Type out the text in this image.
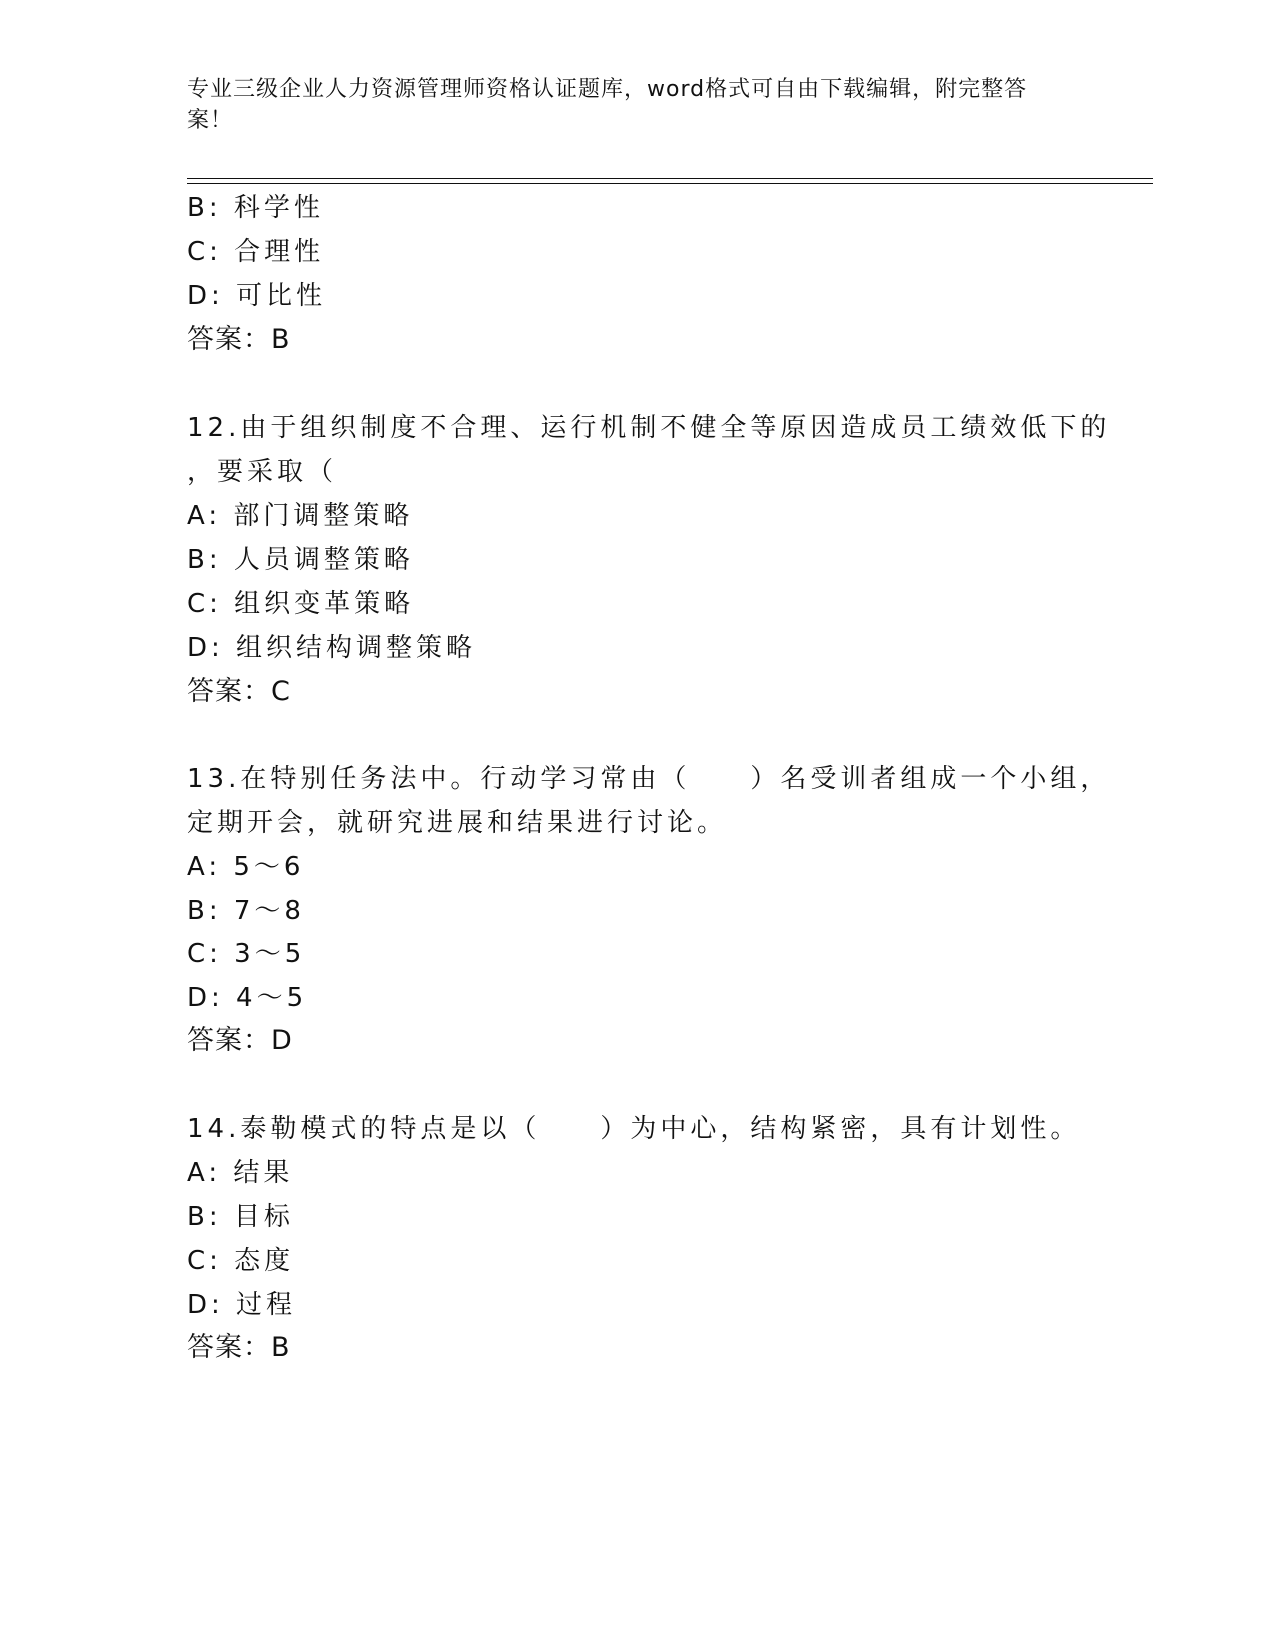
专业三级企业人力资源管理师资格认证题库，word格式可自由下载编辑，附完整答案！
B: 科学性
C: 合理性
D: 可比性
答案：B
12.由于组织制度不合理、运行机制不健全等原因造成员工绩效低下的
，要采取（
A: 部门调整策略
B: 人员调整策略
C: 组织变革策略
D: 组织结构调整策略
答案：C
13.在特别任务法中。行动学习常由（　　）名受训者组成一个小组，
定期开会，就研究进展和结果进行讨论。
A: 5～6
B: 7～8
C: 3～5
D: 4～5
答案：D
14.泰勒模式的特点是以（　　）为中心，结构紧密，具有计划性。
A: 结果
B: 目标
C: 态度
D: 过程
答案：B
